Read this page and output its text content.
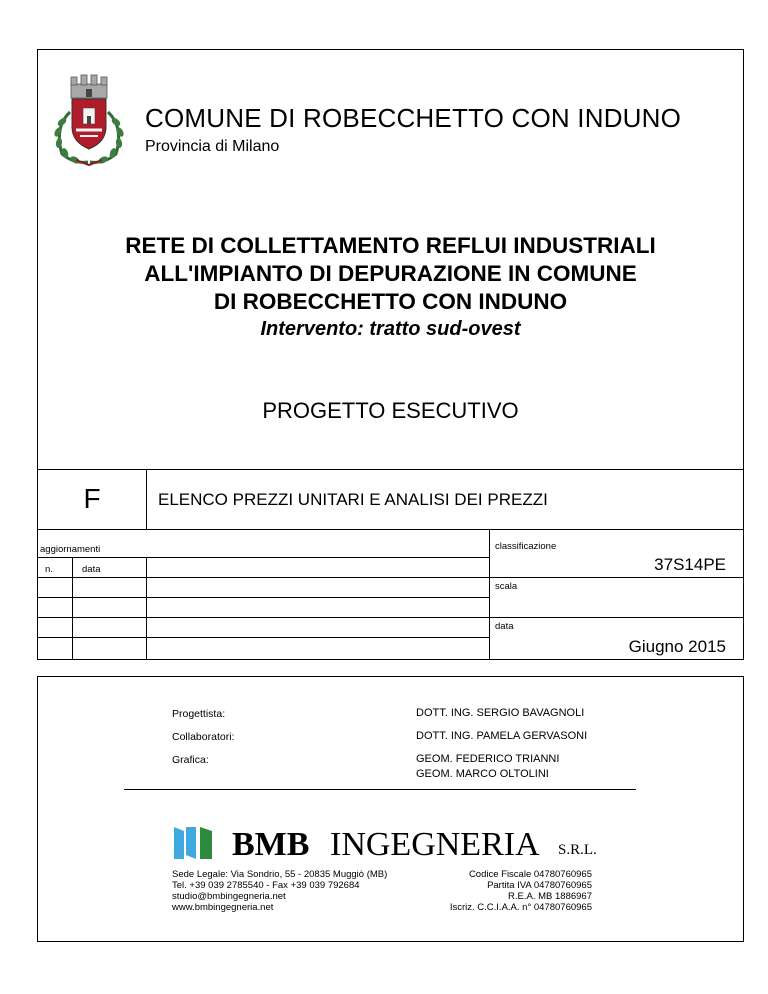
COMUNE DI ROBECCHETTO CON INDUNO
Provincia di Milano
RETE DI COLLETTAMENTO REFLUI INDUSTRIALI
ALL'IMPIANTO DI DEPURAZIONE IN COMUNE
DI ROBECCHETTO CON INDUNO
Intervento: tratto sud-ovest
PROGETTO ESECUTIVO
F	ELENCO PREZZI UNITARI E ANALISI DEI PREZZI
aggiornamenti
n.	data
classificazione
37S14PE
scala
data
Giugno 2015
Progettista:	DOTT. ING. SERGIO BAVAGNOLI
Collaboratori:	DOTT. ING. PAMELA GERVASONI
Grafica:	GEOM. FEDERICO TRIANNI
GEOM. MARCO OLTOLINI
BMB INGEGNERIA S.R.L.
Sede Legale: Via Sondrio, 55 - 20835 Muggiò (MB)
Tel. +39 039 2785540 - Fax +39 039 792684
studio@bmbingegneria.net
www.bmbingegneria.net
Codice Fiscale 04780760965
Partita IVA 04780760965
R.E.A. MB 1886967
Iscriz. C.C.I.A.A. n° 04780760965
